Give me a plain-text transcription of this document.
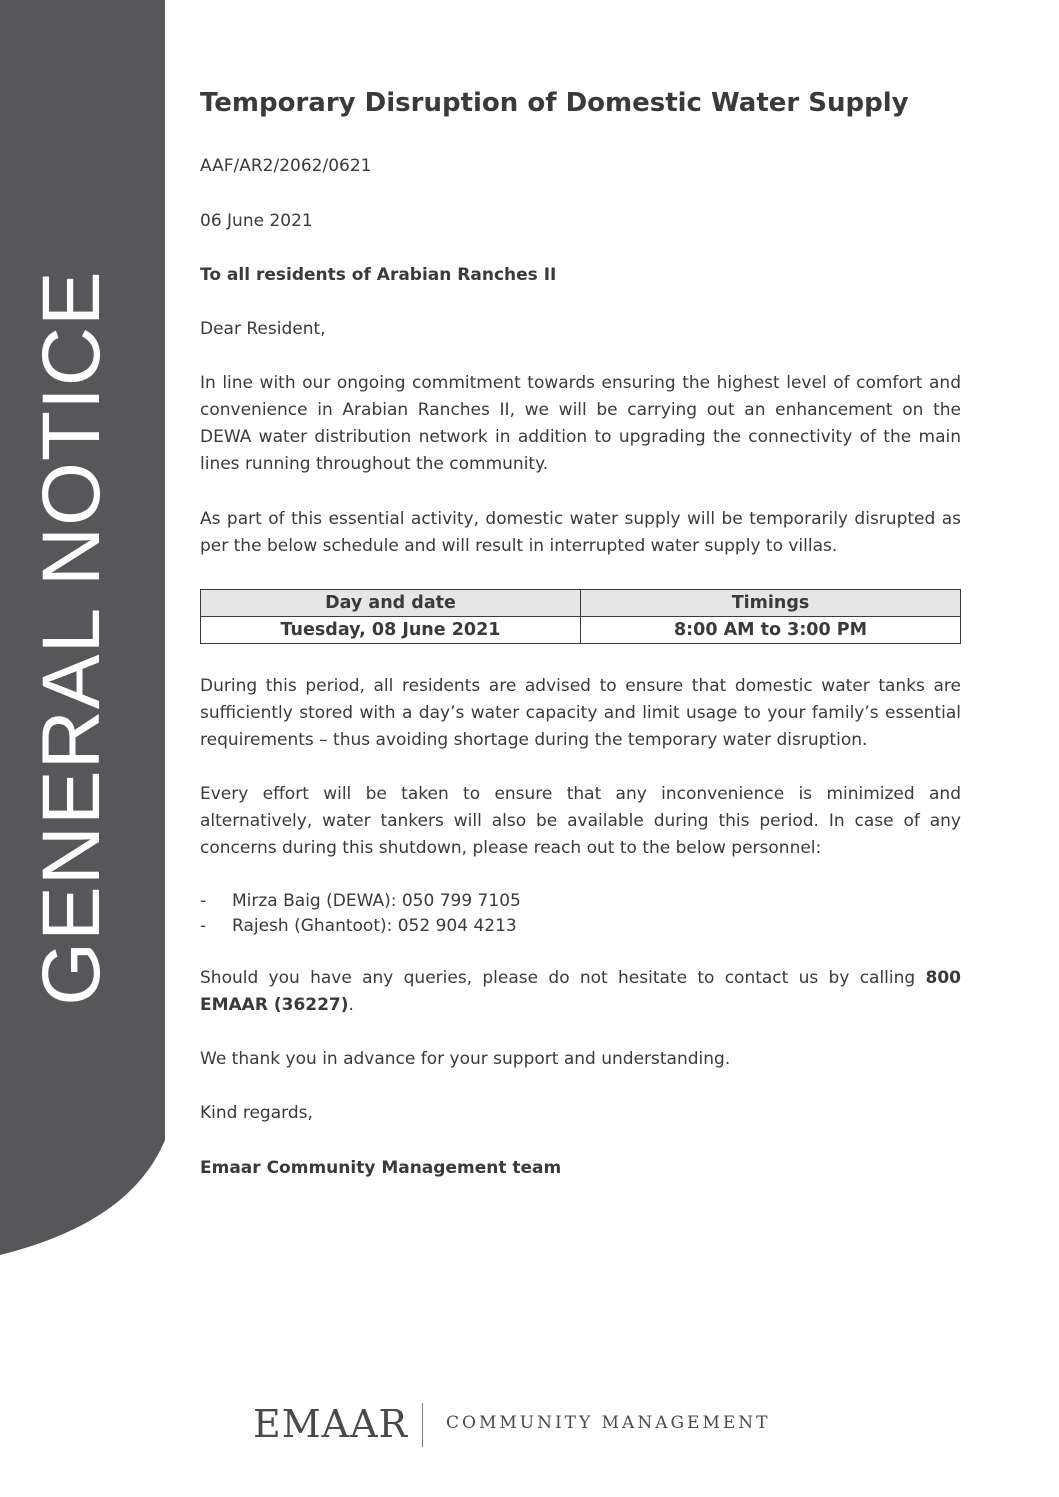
GENERAL NOTICE
Temporary Disruption of Domestic Water Supply
AAF/AR2/2062/0621
06 June 2021
To all residents of Arabian Ranches II
Dear Resident,
In line with our ongoing commitment towards ensuring the highest level of comfort and convenience in Arabian Ranches II, we will be carrying out an enhancement on the DEWA water distribution network in addition to upgrading the connectivity of the main lines running throughout the community.
As part of this essential activity, domestic water supply will be temporarily disrupted as per the below schedule and will result in interrupted water supply to villas.
Day and date	Timings
Tuesday, 08 June 2021	8:00 AM to 3:00 PM
During this period, all residents are advised to ensure that domestic water tanks are sufficiently stored with a day’s water capacity and limit usage to your family’s essential requirements – thus avoiding shortage during the temporary water disruption.
Every effort will be taken to ensure that any inconvenience is minimized and alternatively, water tankers will also be available during this period. In case of any concerns during this shutdown, please reach out to the below personnel:
- Mirza Baig (DEWA): 050 799 7105
- Rajesh (Ghantoot): 052 904 4213
Should you have any queries, please do not hesitate to contact us by calling 800 EMAAR (36227).
We thank you in advance for your support and understanding.
Kind regards,
Emaar Community Management team
EMAAR COMMUNITY MANAGEMENT
